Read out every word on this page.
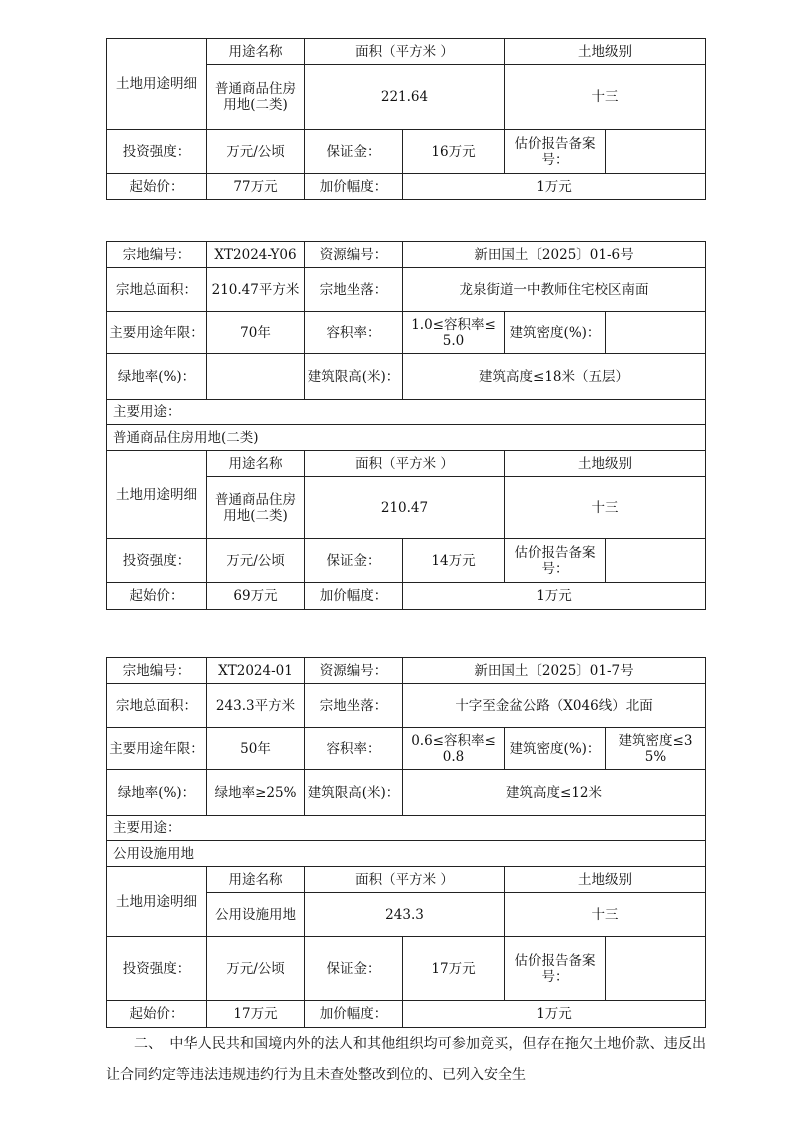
土地用途明细	用途名称	面积（平方米 ）		土地级别	
	普通商品住房用地(二类)	221.64		十三	
投资强度：	万元/公顷	保证金：	16万元	估价报告备案号：	
起始价：	77万元	加价幅度：	1万元		
宗地编号：	XT2024-Y06	资源编号：	新田国土〔2025〕01-6号		
宗地总面积：	210.47平方米	宗地坐落：	龙泉街道一中教师住宅校区南面		
主要用途年限：	70年	容积率：	1.0≤容积率≤5.0	建筑密度(%)：	
绿地率(%)：		建筑限高(米)：	建筑高度≤18米（五层）		
主要用途：					
普通商品住房用地(二类)					
土地用途明细	用途名称	面积（平方米 ）		土地级别	
	普通商品住房用地(二类)	210.47		十三	
投资强度：	万元/公顷	保证金：	14万元	估价报告备案号：	
起始价：	69万元	加价幅度：	1万元		
宗地编号：	XT2024-01	资源编号：	新田国土〔2025〕01-7号		
宗地总面积：	243.3平方米	宗地坐落：	十字至金盆公路（X046线）北面		
主要用途年限：	50年	容积率：	0.6≤容积率≤0.8	建筑密度(%)：	建筑密度≤35%
绿地率(%)：	绿地率≥25%	建筑限高(米)：	建筑高度≤12米		
主要用途：					
公用设施用地					
土地用途明细	用途名称	面积（平方米 ）		土地级别	
	公用设施用地	243.3		十三	
投资强度：	万元/公顷	保证金：	17万元	估价报告备案号：	
起始价：	17万元	加价幅度：	1万元		

二、　中华人民共和国境内外的法人和其他组织均可参加竞买，但存在拖欠土地价款、违反出让合同约定等违法违规违约行为且未查处整改到位的、已列入安全生
